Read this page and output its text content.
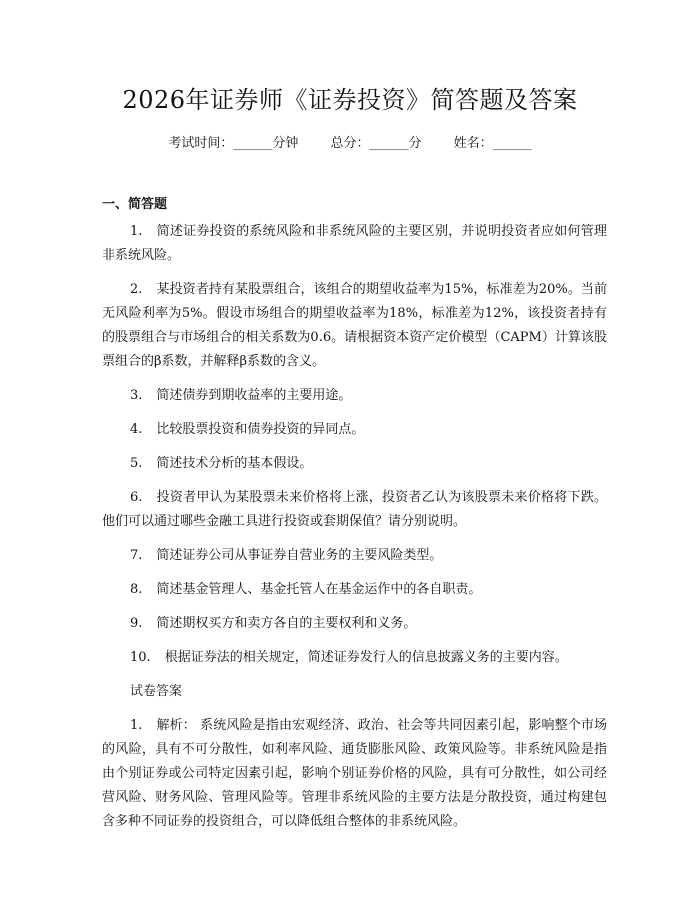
2026年证券师《证券投资》简答题及答案
考试时间：______分钟 总分：______分 姓名：______
一、简答题
1. 简述证券投资的系统风险和非系统风险的主要区别，并说明投资者应如何管理非系统风险。
2. 某投资者持有某股票组合，该组合的期望收益率为15%，标准差为20%。当前无风险利率为5%。假设市场组合的期望收益率为18%，标准差为12%，该投资者持有的股票组合与市场组合的相关系数为0.6。请根据资本资产定价模型（CAPM）计算该股票组合的β系数，并解释β系数的含义。
3. 简述债券到期收益率的主要用途。
4. 比较股票投资和债券投资的异同点。
5. 简述技术分析的基本假设。
6. 投资者甲认为某股票未来价格将上涨，投资者乙认为该股票未来价格将下跌。他们可以通过哪些金融工具进行投资或套期保值？请分别说明。
7. 简述证券公司从事证券自营业务的主要风险类型。
8. 简述基金管理人、基金托管人在基金运作中的各自职责。
9. 简述期权买方和卖方各自的主要权利和义务。
10. 根据证券法的相关规定，简述证券发行人的信息披露义务的主要内容。
试卷答案
1. 解析： 系统风险是指由宏观经济、政治、社会等共同因素引起，影响整个市场的风险，具有不可分散性，如利率风险、通货膨胀风险、政策风险等。非系统风险是指由个别证券或公司特定因素引起，影响个别证券价格的风险，具有可分散性，如公司经营风险、财务风险、管理风险等。管理非系统风险的主要方法是分散投资，通过构建包含多种不同证券的投资组合，可以降低组合整体的非系统风险。
